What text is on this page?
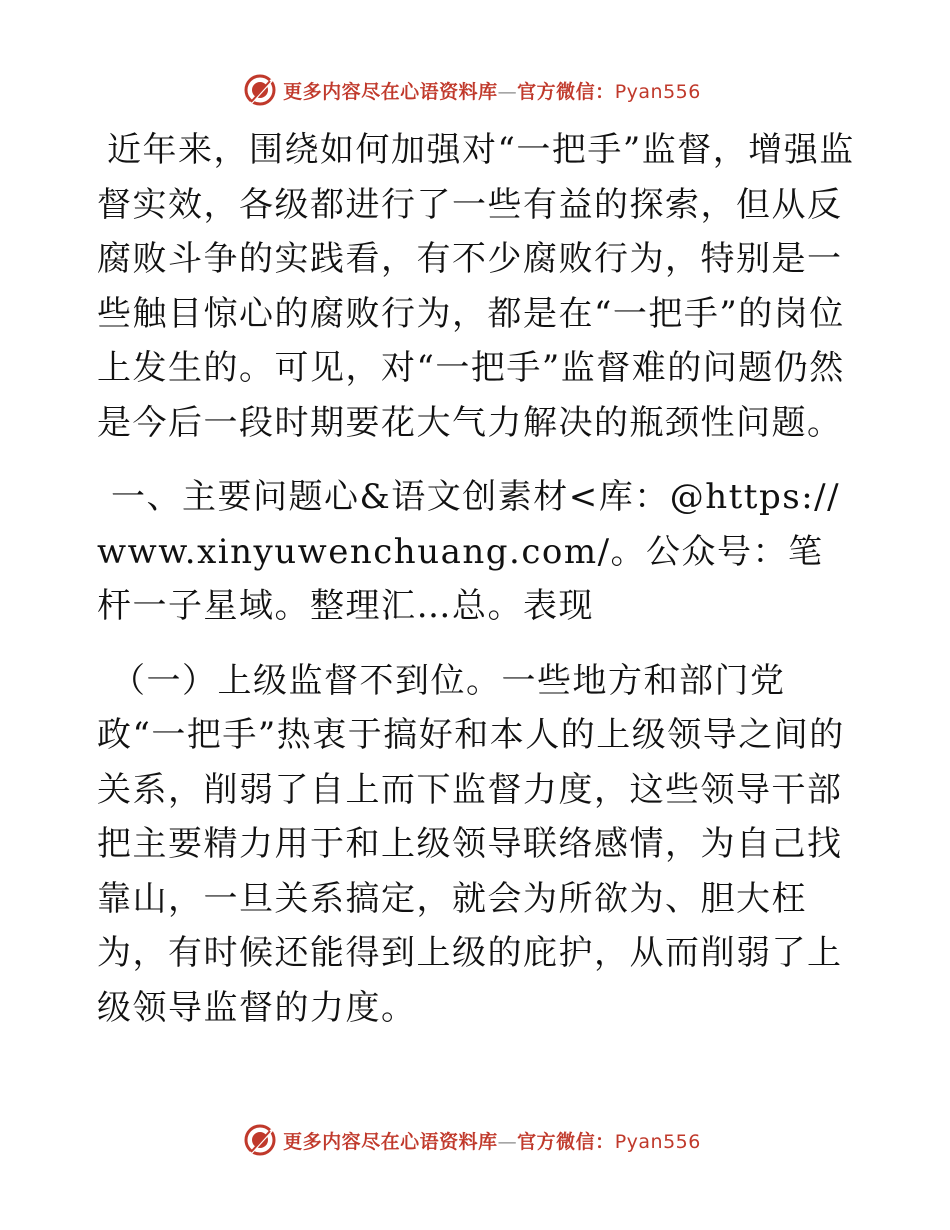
更多内容尽在心语资料库—官方微信：Pyan556

近年来，围绕如何加强对“一把手”监督，增强监督实效，各级都进行了一些有益的探索，但从反腐败斗争的实践看，有不少腐败行为，特别是一些触目惊心的腐败行为，都是在“一把手”的岗位上发生的。可见，对“一把手”监督难的问题仍然是今后一段时期要花大气力解决的瓶颈性问题。

一、主要问题心&语文创素材<库：@https://www.xinyuwenchuang.com/。公众号：笔杆一子星域。整理汇…总。表现

（一）上级监督不到位。一些地方和部门党

政“一把手”热衷于搞好和本人的上级领导之间的关系，削弱了自上而下监督力度，这些领导干部把主要精力用于和上级领导联络感情，为自己找靠山，一旦关系搞定，就会为所欲为、胆大枉为，有时候还能得到上级的庇护，从而削弱了上级领导监督的力度。

更多内容尽在心语资料库—官方微信：Pyan556
